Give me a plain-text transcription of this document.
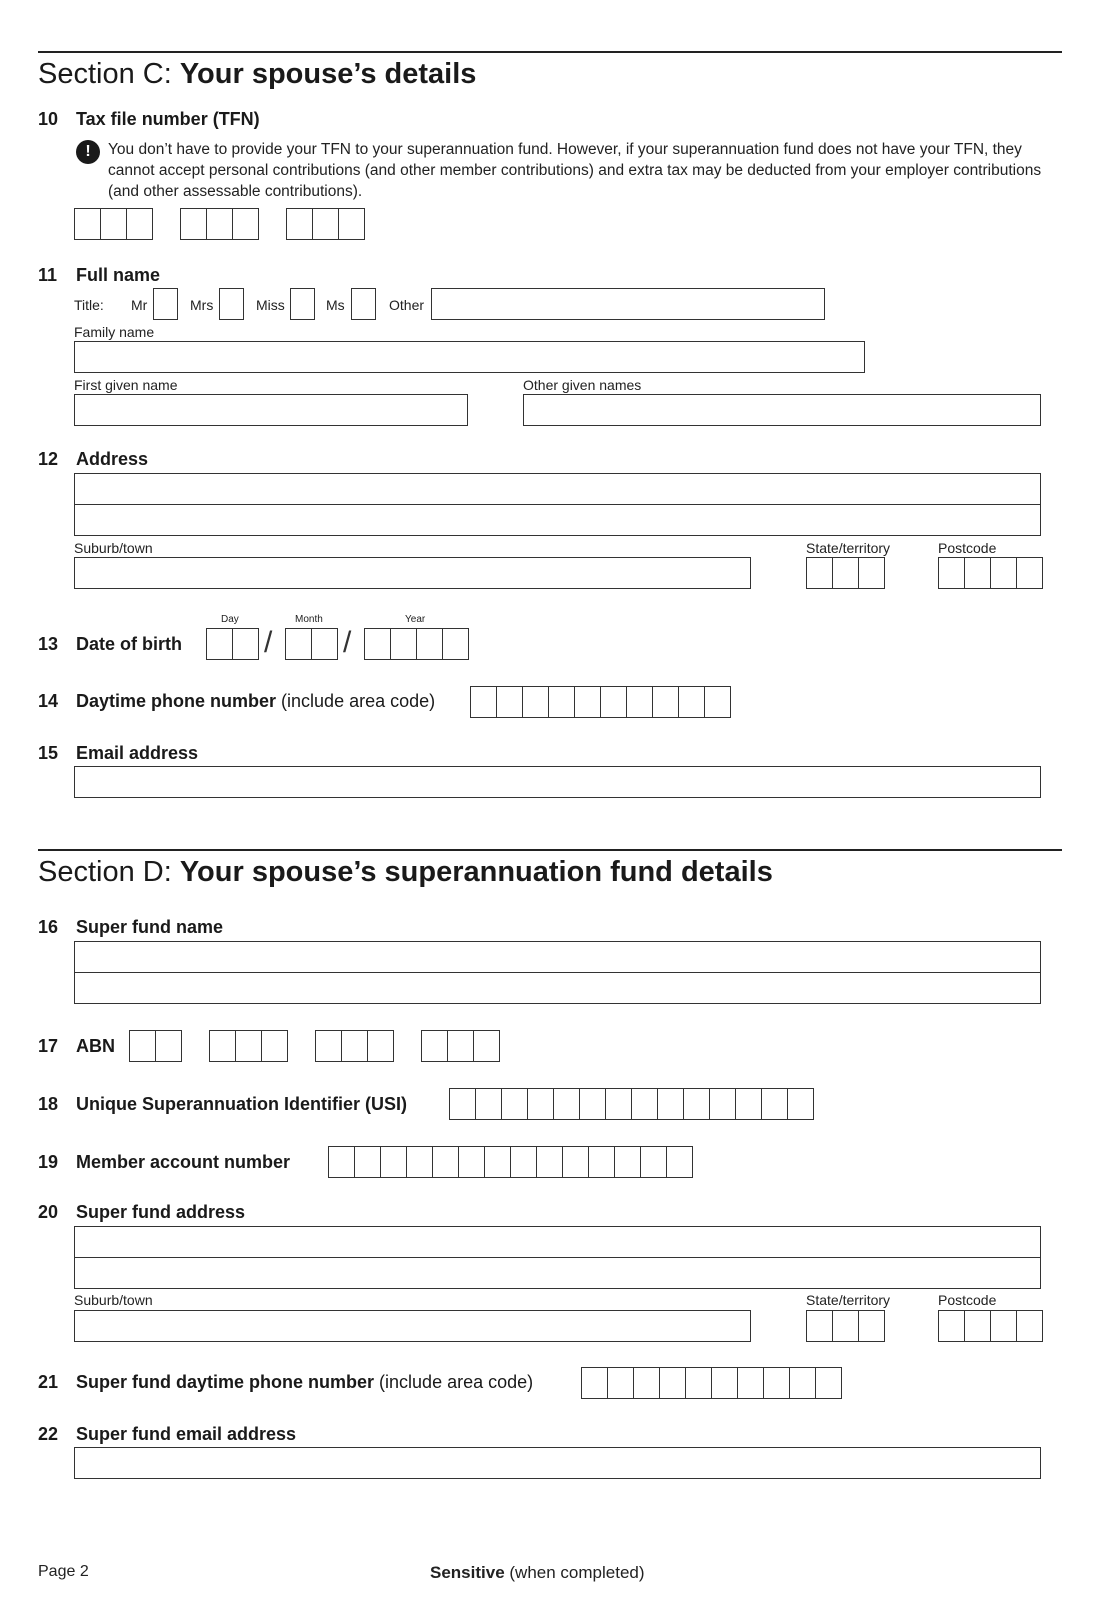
Section C: Your spouse’s details
10 Tax file number (TFN)
!	You don’t have to provide your TFN to your superannuation fund. However, if your superannuation fund does not have your TFN, they cannot accept personal contributions (and other member contributions) and extra tax may be deducted from your employer contributions (and other assessable contributions).
11 Full name
Title: Mr	Mrs	Miss	Ms	Other
Family name
First given name	Other given names
12 Address
Suburb/town	State/territory	Postcode
13 Date of birth
Day	Month	Year
/ /
14 Daytime phone number (include area code)
15 Email address
Section D: Your spouse’s superannuation fund details
16 Super fund name
17 ABN
18 Unique Superannuation Identifier (USI)
19 Member account number
20 Super fund address
Suburb/town	State/territory	Postcode
21 Super fund daytime phone number (include area code)
22 Super fund email address
Page 2	Sensitive (when completed)
